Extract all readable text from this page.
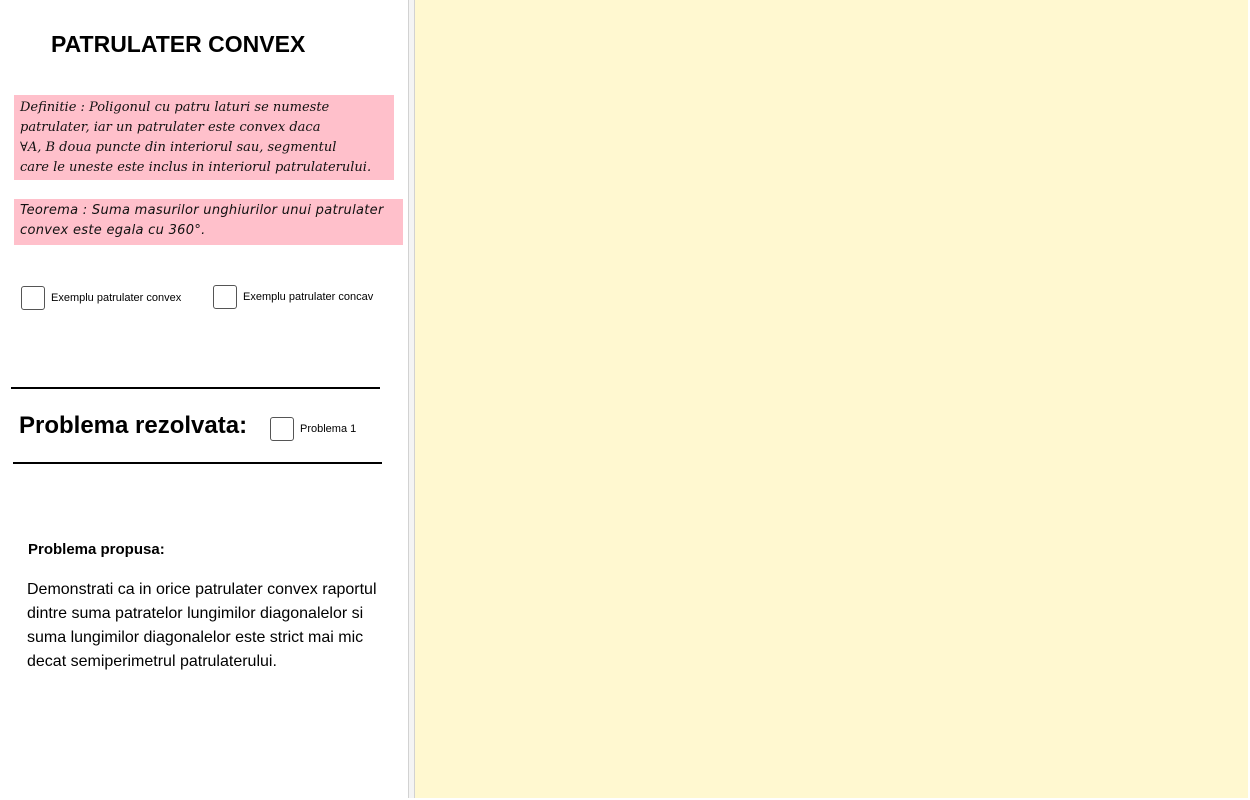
PATRULATER CONVEX
Definitie : Poligonul cu patru laturi se numeste
patrulater, iar un patrulater este convex daca
∀A, B doua puncte din interiorul sau, segmentul
care le uneste este inclus in interiorul patrulaterului.
Teorema : Suma masurilor unghiurilor unui patrulater
convex este egala cu 360°.
Exemplu patrulater convex	Exemplu patrulater concav
Problema rezolvata:	Problema 1
Problema propusa:
Demonstrati ca in orice patrulater convex raportul dintre suma patratelor lungimilor diagonalelor si suma lungimilor diagonalelor este strict mai mic decat semiperimetrul patrulaterului.
